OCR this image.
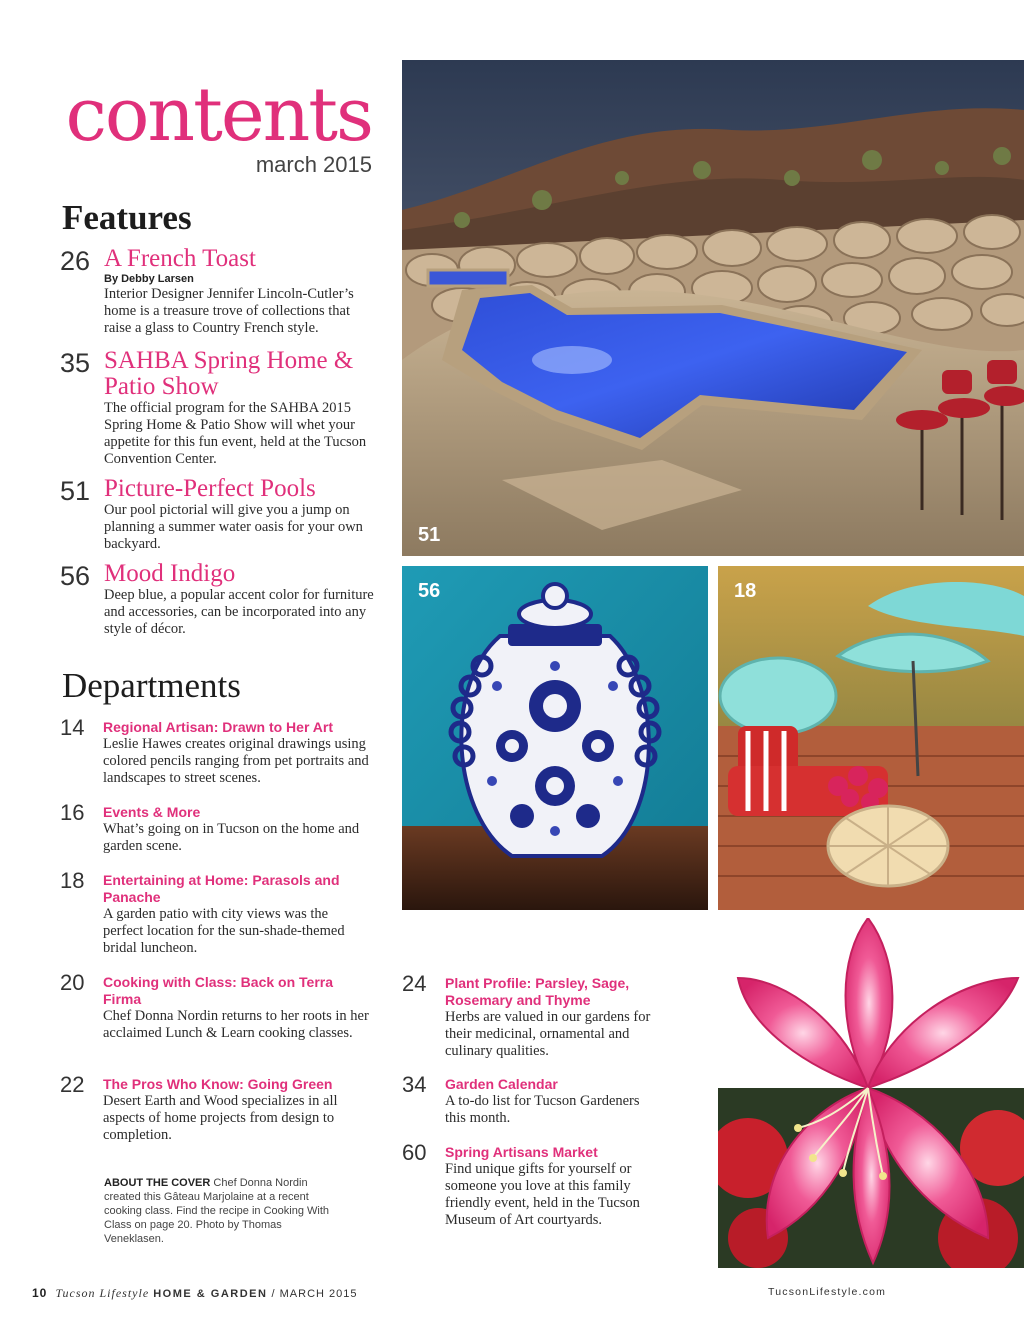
contents
march 2015
Features
26 A French Toast
By Debby Larsen
Interior Designer Jennifer Lincoln-Cutler’s home is a treasure trove of collections that raise a glass to Country French style.
35 SAHBA Spring Home & Patio Show
The official program for the SAHBA 2015 Spring Home & Patio Show will whet your appetite for this fun event, held at the Tucson Convention Center.
51 Picture-Perfect Pools
Our pool pictorial will give you a jump on planning a summer water oasis for your own backyard.
56 Mood Indigo
Deep blue, a popular accent color for furniture and accessories, can be incorporated into any style of décor.
Departments
14 Regional Artisan: Drawn to Her Art
Leslie Hawes creates original drawings using colored pencils ranging from pet portraits and landscapes to street scenes.
16 Events & More
What’s going on in Tucson on the home and garden scene.
18 Entertaining at Home: Parasols and Panache
A garden patio with city views was the perfect location for the sun-shade-themed bridal luncheon.
20 Cooking with Class: Back on Terra Firma
Chef Donna Nordin returns to her roots in her acclaimed Lunch & Learn cooking classes.
22 The Pros Who Know: Going Green
Desert Earth and Wood specializes in all aspects of home projects from design to completion.
24 Plant Profile: Parsley, Sage, Rosemary and Thyme
Herbs are valued in our gardens for their medicinal, ornamental and culinary qualities.
34 Garden Calendar
A to-do list for Tucson Gardeners this month.
60 Spring Artisans Market
Find unique gifts for yourself or someone you love at this family friendly event, held in the Tucson Museum of Art courtyards.
ABOUT THE COVER Chef Donna Nordin created this Gâteau Marjolaine at a recent cooking class. Find the recipe in Cooking With Class on page 20. Photo by Thomas Veneklasen.
51
56	18
34
10 Tucson Lifestyle HOME & GARDEN / MARCH 2015	TucsonLifestyle.com
